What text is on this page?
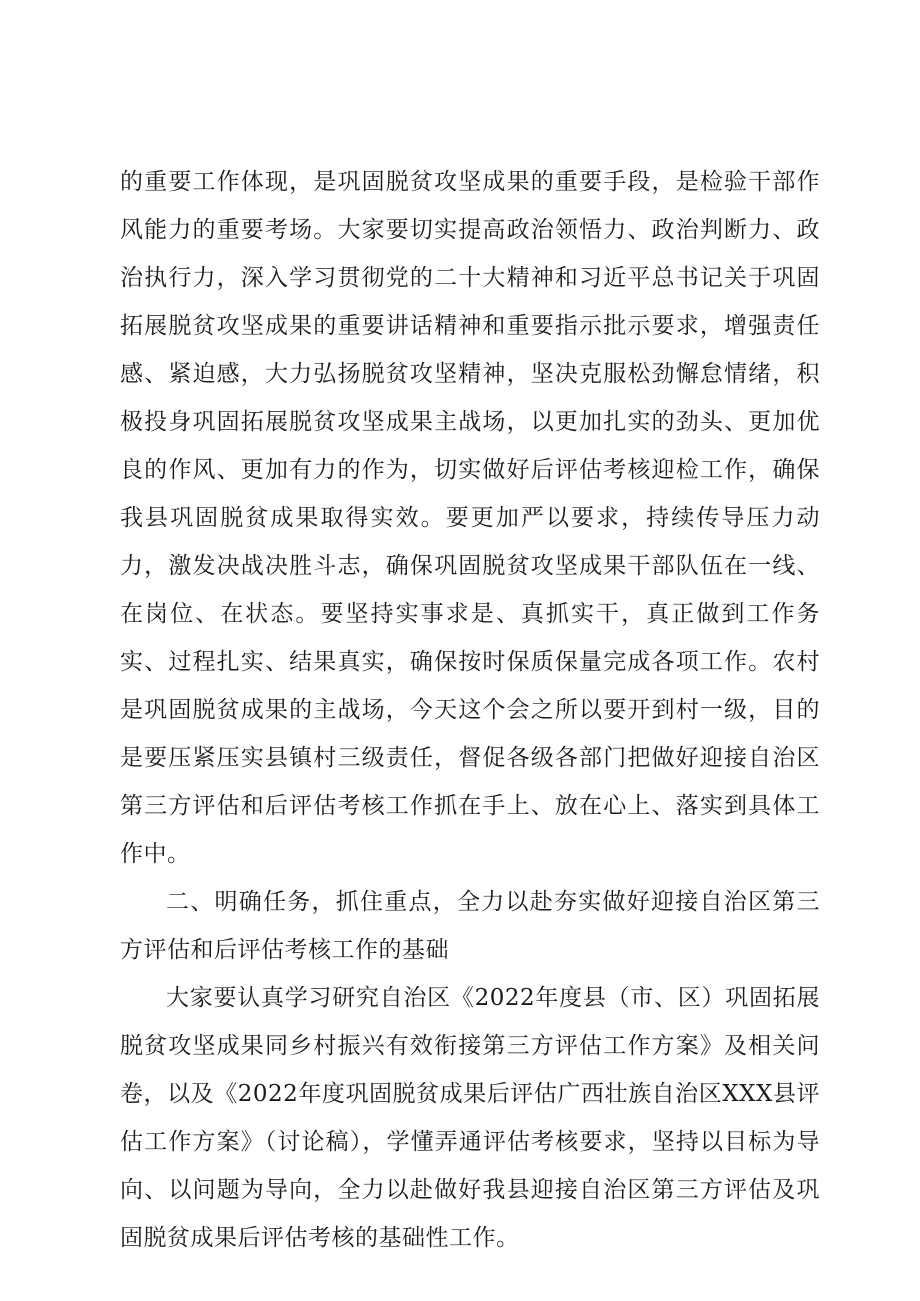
的重要工作体现，是巩固脱贫攻坚成果的重要手段，是检验干部作风能力的重要考场。大家要切实提高政治领悟力、政治判断力、政治执行力，深入学习贯彻党的二十大精神和习近平总书记关于巩固拓展脱贫攻坚成果的重要讲话精神和重要指示批示要求，增强责任感、紧迫感，大力弘扬脱贫攻坚精神，坚决克服松劲懈怠情绪，积极投身巩固拓展脱贫攻坚成果主战场，以更加扎实的劲头、更加优良的作风、更加有力的作为，切实做好后评估考核迎检工作，确保我县巩固脱贫成果取得实效。要更加严以要求，持续传导压力动力，激发决战决胜斗志，确保巩固脱贫攻坚成果干部队伍在一线、在岗位、在状态。要坚持实事求是、真抓实干，真正做到工作务实、过程扎实、结果真实，确保按时保质保量完成各项工作。农村是巩固脱贫成果的主战场，今天这个会之所以要开到村一级，目的是要压紧压实县镇村三级责任，督促各级各部门把做好迎接自治区第三方评估和后评估考核工作抓在手上、放在心上、落实到具体工作中。

二、明确任务，抓住重点，全力以赴夯实做好迎接自治区第三方评估和后评估考核工作的基础

大家要认真学习研究自治区《2022年度县（市、区）巩固拓展脱贫攻坚成果同乡村振兴有效衔接第三方评估工作方案》及相关问卷，以及《2022年度巩固脱贫成果后评估广西壮族自治区XXX县评估工作方案》（讨论稿），学懂弄通评估考核要求，坚持以目标为导向、以问题为导向，全力以赴做好我县迎接自治区第三方评估及巩固脱贫成果后评估考核的基础性工作。
